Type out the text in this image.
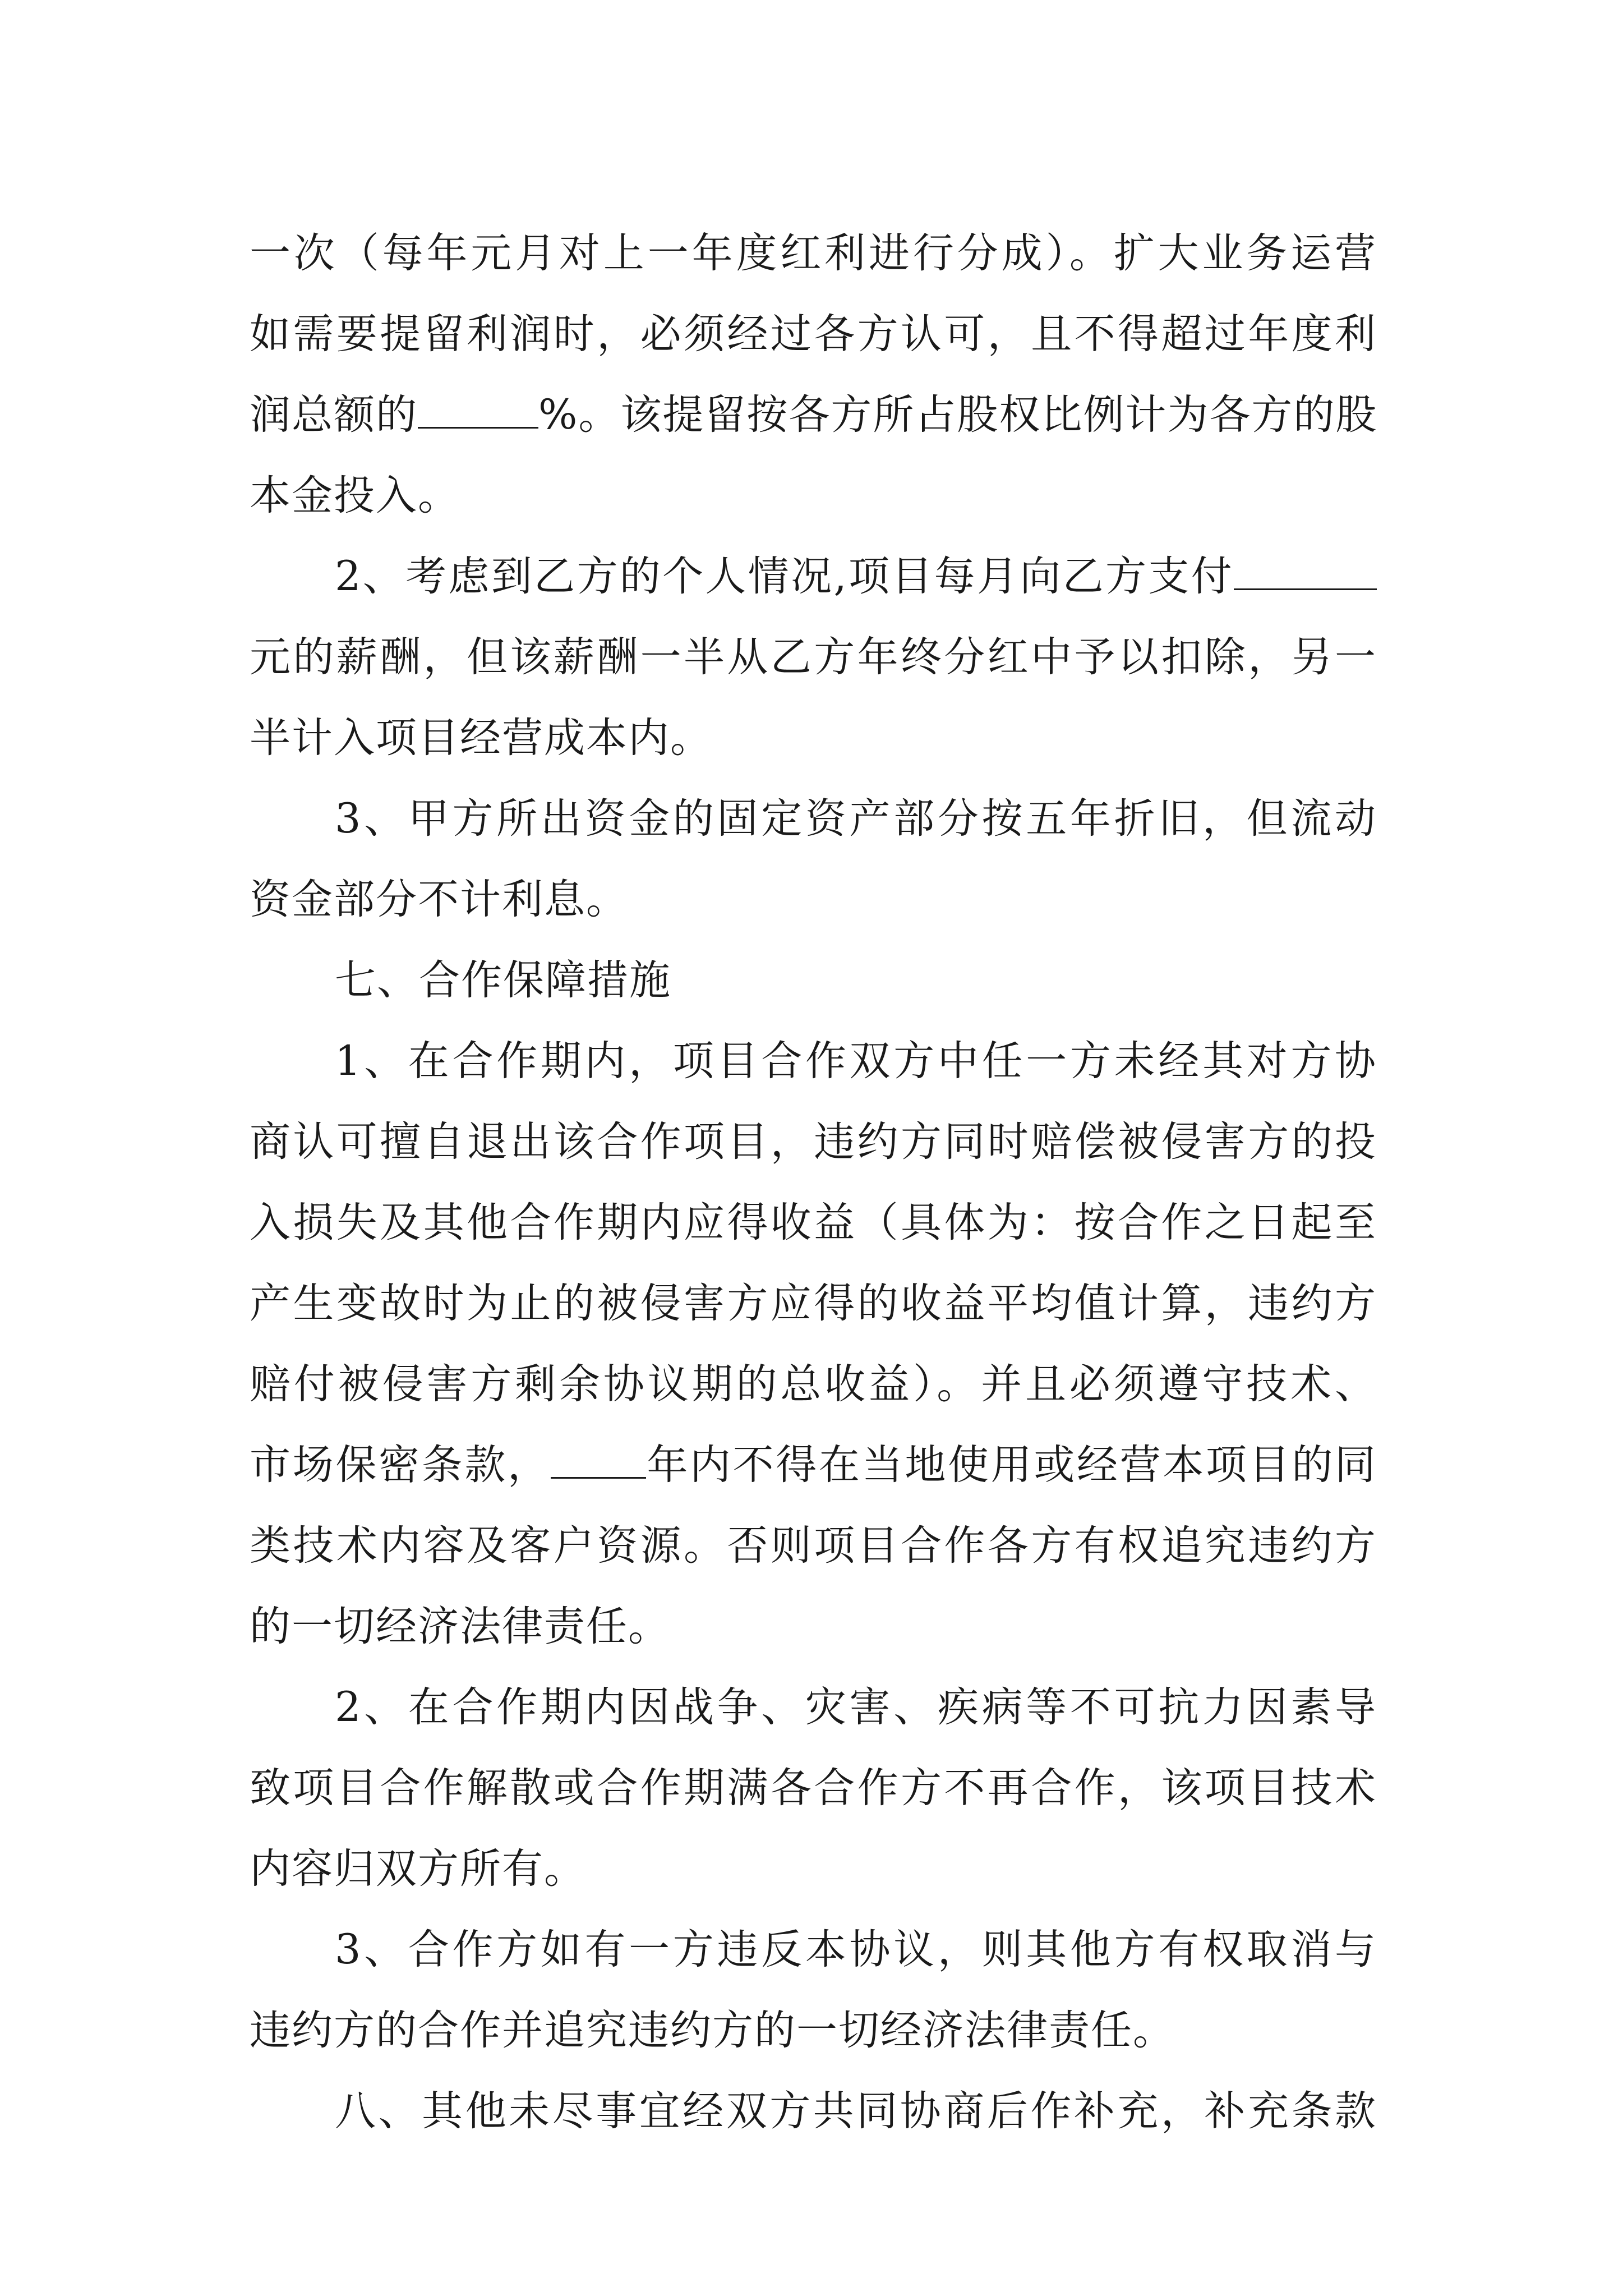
一次（每年元月对上一年度红利进行分成）。扩大业务运营
如需要提留利润时，必须经过各方认可，且不得超过年度利
润总额的	%。该提留按各方所占股权比例计为各方的股
本金投入。
2、考虑到乙方的个人情况,项目每月向乙方支付
元的薪酬，但该薪酬一半从乙方年终分红中予以扣除，另一
半计入项目经营成本内。
3、甲方所出资金的固定资产部分按五年折旧，但流动
资金部分不计利息。
七、合作保障措施
1、在合作期内，项目合作双方中任一方未经其对方协
商认可擅自退出该合作项目，违约方同时赔偿被侵害方的投
入损失及其他合作期内应得收益（具体为：按合作之日起至
产生变故时为止的被侵害方应得的收益平均值计算，违约方
赔付被侵害方剩余协议期的总收益）。并且必须遵守技术、
市场保密条款， 年内不得在当地使用或经营本项目的同
类技术内容及客户资源。否则项目合作各方有权追究违约方
的一切经济法律责任。
2、在合作期内因战争、灾害、疾病等不可抗力因素导
致项目合作解散或合作期满各合作方不再合作，该项目技术
内容归双方所有。
3、合作方如有一方违反本协议，则其他方有权取消与
违约方的合作并追究违约方的一切经济法律责任。
八、其他未尽事宜经双方共同协商后作补充，补充条款
